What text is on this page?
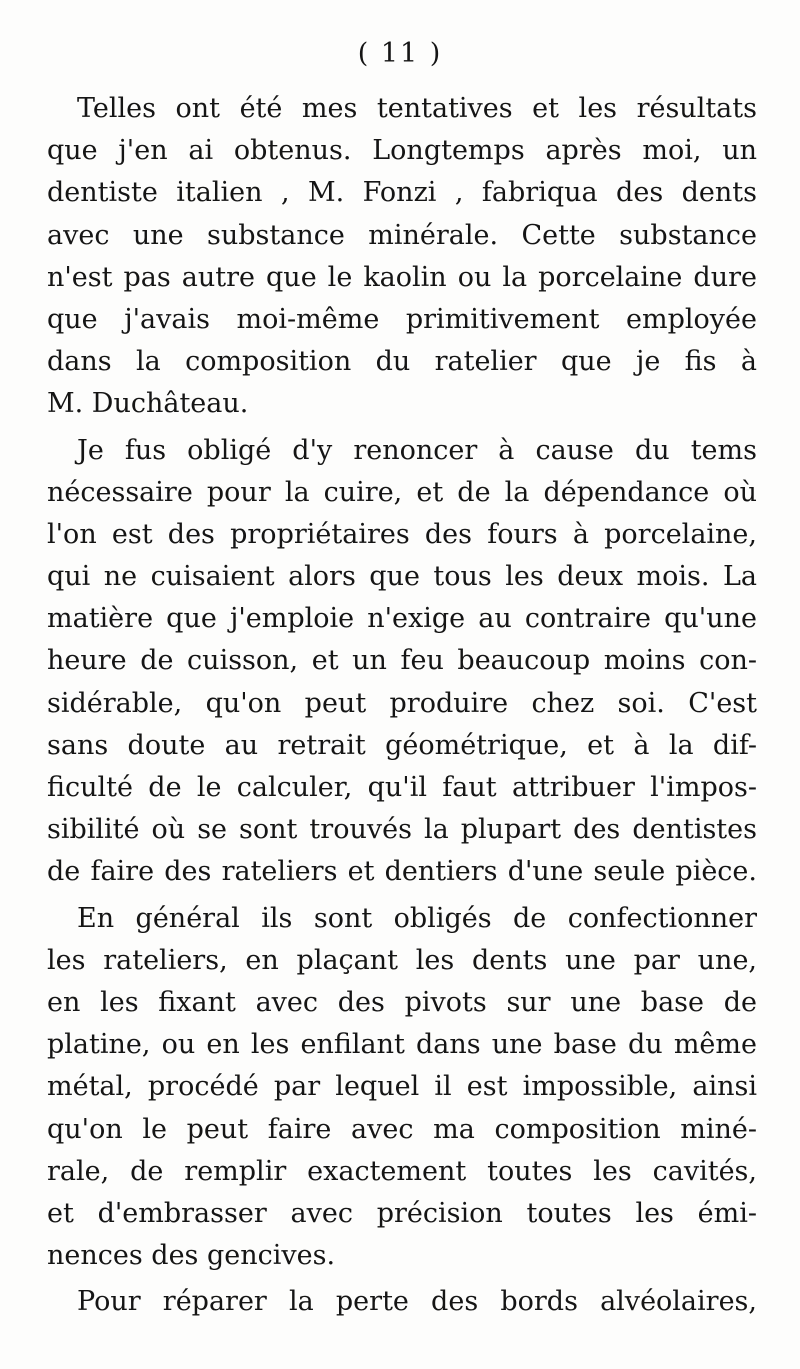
( 11 )
Telles ont été mes tentatives et les résultats
que j'en ai obtenus. Longtemps après moi, un
dentiste italien , M. Fonzi , fabriqua des dents
avec une substance minérale. Cette substance
n'est pas autre que le kaolin ou la porcelaine dure
que j'avais moi-même primitivement employée
dans la composition du ratelier que je fis à
M. Duchâteau.
Je fus obligé d'y renoncer à cause du tems
nécessaire pour la cuire, et de la dépendance où
l'on est des propriétaires des fours à porcelaine,
qui ne cuisaient alors que tous les deux mois. La
matière que j'emploie n'exige au contraire qu'une
heure de cuisson, et un feu beaucoup moins con-
sidérable, qu'on peut produire chez soi. C'est
sans doute au retrait géométrique, et à la dif-
ficulté de le calculer, qu'il faut attribuer l'impos-
sibilité où se sont trouvés la plupart des dentistes
de faire des rateliers et dentiers d'une seule pièce.
En général ils sont obligés de confectionner
les rateliers, en plaçant les dents une par une,
en les fixant avec des pivots sur une base de
platine, ou en les enfilant dans une base du même
métal, procédé par lequel il est impossible, ainsi
qu'on le peut faire avec ma composition miné-
rale, de remplir exactement toutes les cavités,
et d'embrasser avec précision toutes les émi-
nences des gencives.
Pour réparer la perte des bords alvéolaires,
